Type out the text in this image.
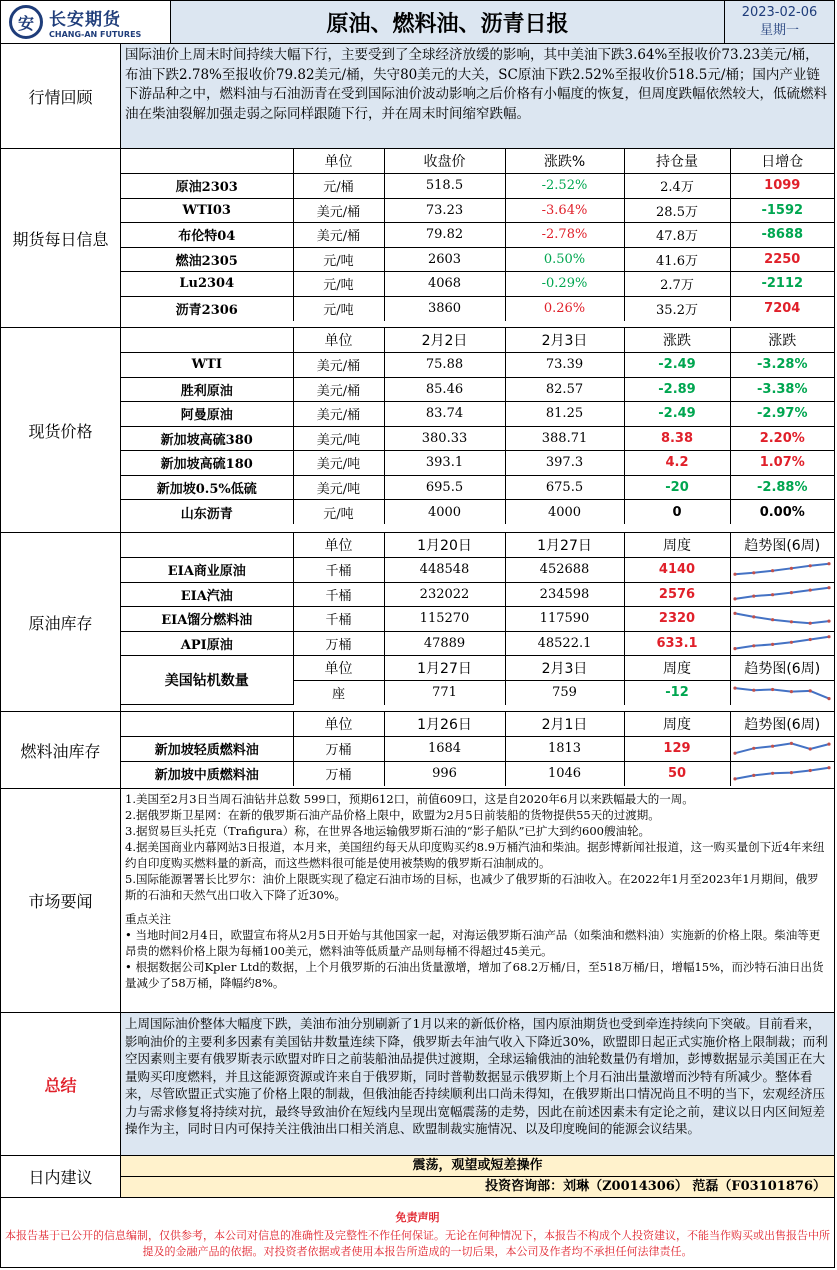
安 长安期货
CHANG-AN FUTURES	原油、燃料油、沥青日报	2023-02-06
星期一
行情回顾
国际油价上周末时间持续大幅下行，主要受到了全球经济放缓的影响，其中美油下跌3.64%至报收价73.23美元/桶，布油下跌2.78%至报收价79.82美元/桶，失守80美元的大关，SC原油下跌2.52%至报收价518.5元/桶；国内产业链下游品种之中，燃料油与石油沥青在受到国际油价波动影响之后价格有小幅度的恢复，但周度跌幅依然较大，低硫燃料油在柴油裂解加强走弱之际同样跟随下行，并在周末时间缩窄跌幅。
期货每日信息
	单位	收盘价	涨跌%	持仓量	日增仓
原油2303	元/桶	518.5	-2.52%	2.4万	1099
WTI03	美元/桶	73.23	-3.64%	28.5万	-1592
布伦特04	美元/桶	79.82	-2.78%	47.8万	-8688
燃油2305	元/吨	2603	0.50%	41.6万	2250
Lu2304	元/吨	4068	-0.29%	2.7万	-2112
沥青2306	元/吨	3860	0.26%	35.2万	7204
现货价格
	单位	2月2日	2月3日	涨跌	涨跌
WTI	美元/桶	75.88	73.39	-2.49	-3.28%
胜利原油	美元/桶	85.46	82.57	-2.89	-3.38%
阿曼原油	美元/桶	83.74	81.25	-2.49	-2.97%
新加坡高硫380	美元/吨	380.33	388.71	8.38	2.20%
新加坡高硫180	美元/吨	393.1	397.3	4.2	1.07%
新加坡0.5%低硫	美元/吨	695.5	675.5	-20	-2.88%
山东沥青	元/吨	4000	4000	0	0.00%
原油库存
	单位	1月20日	1月27日	周度	趋势图(6周)
EIA商业原油	千桶	448548	452688	4140	

EIA汽油	千桶	232022	234598	2576	

EIA馏分燃料油	千桶	115270	117590	2320	

API原油	万桶	47889	48522.1	633.1	

美国钻机数量	单位	1月27日	2月3日	周度	趋势图(6周)
	座	771	759	-12	
燃料油库存
	单位	1月26日	2月1日	周度	趋势图(6周)
新加坡轻质燃料油	万桶	1684	1813	129	

新加坡中质燃料油	万桶	996	1046	50	
市场要闻

1.美国至2月3日当周石油钻井总数 599口，预期612口，前值609口，这是自2020年6月以来跌幅最大的一周。

2.据俄罗斯卫星网：在新的俄罗斯石油产品价格上限中，欧盟为2月5日前装船的货物提供55天的过渡期。

3.据贸易巨头托克（Trafigura）称，在世界各地运输俄罗斯石油的“影子船队”已扩大到约600艘油轮。

4.据美国商业内幕网站3日报道，本月来，美国纽约每天从印度购买约8.9万桶汽油和柴油。据彭博新闻社报道，这一购买量创下近4年来纽约自印度购买燃料量的新高，而这些燃料很可能是使用被禁购的俄罗斯石油制成的。

5.国际能源署署长比罗尔：油价上限既实现了稳定石油市场的目标，也减少了俄罗斯的石油收入。在2022年1月至2023年1月期间，俄罗斯的石油和天然气出口收入下降了近30%。

重点关注

• 当地时间2月4日，欧盟宣布将从2月5日开始与其他国家一起，对海运俄罗斯石油产品（如柴油和燃料油）实施新的价格上限。柴油等更昂贵的燃料价格上限为每桶100美元，燃料油等低质量产品则每桶不得超过45美元。

• 根据数据公司Kpler Ltd的数据，上个月俄罗斯的石油出货量激增，增加了68.2万桶/日，至518万桶/日，增幅15%，而沙特石油日出货量减少了58万桶，降幅约8%。

总结
上周国际油价整体大幅度下跌，美油布油分别刷新了1月以来的新低价格，国内原油期货也受到牵连持续向下突破。目前看来，影响油价的主要利多因素有美国钻井数量连续下降，俄罗斯去年油气收入下降近30%，欧盟即日起正式实施价格上限制裁；而利空因素则主要有俄罗斯表示欧盟对昨日之前装船油品提供过渡期，全球运输俄油的油轮数量仍有增加，彭博数据显示美国正在大量购买印度燃料，并且这能源资源或许来自于俄罗斯，同时普勒数据显示俄罗斯上个月石油出量激增而沙特有所减少。整体看来，尽管欧盟正式实施了价格上限的制裁，但俄油能否持续顺利出口尚未得知，在俄罗斯出口情况尚且不明的当下，宏观经济压力与需求修复将持续对抗，最终导致油价在短线内呈现出宽幅震荡的走势，因此在前述因素未有定论之前，建议以日内区间短差操作为主，同时日内可保持关注俄油出口相关消息、欧盟制裁实施情况、以及印度晚间的能源会议结果。
日内建议
震荡，观望或短差操作
投资咨询部：刘琳（Z0014306） 范磊（F03101876）
免责声明
本报告基于已公开的信息编制，仅供参考，本公司对信息的准确性及完整性不作任何保证。无论在何种情况下，本报告不构成个人投资建议，不能当作购买或出售报告中所提及的金融产品的依据。对投资者依据或者使用本报告所造成的一切后果，本公司及作者均不承担任何法律责任。
